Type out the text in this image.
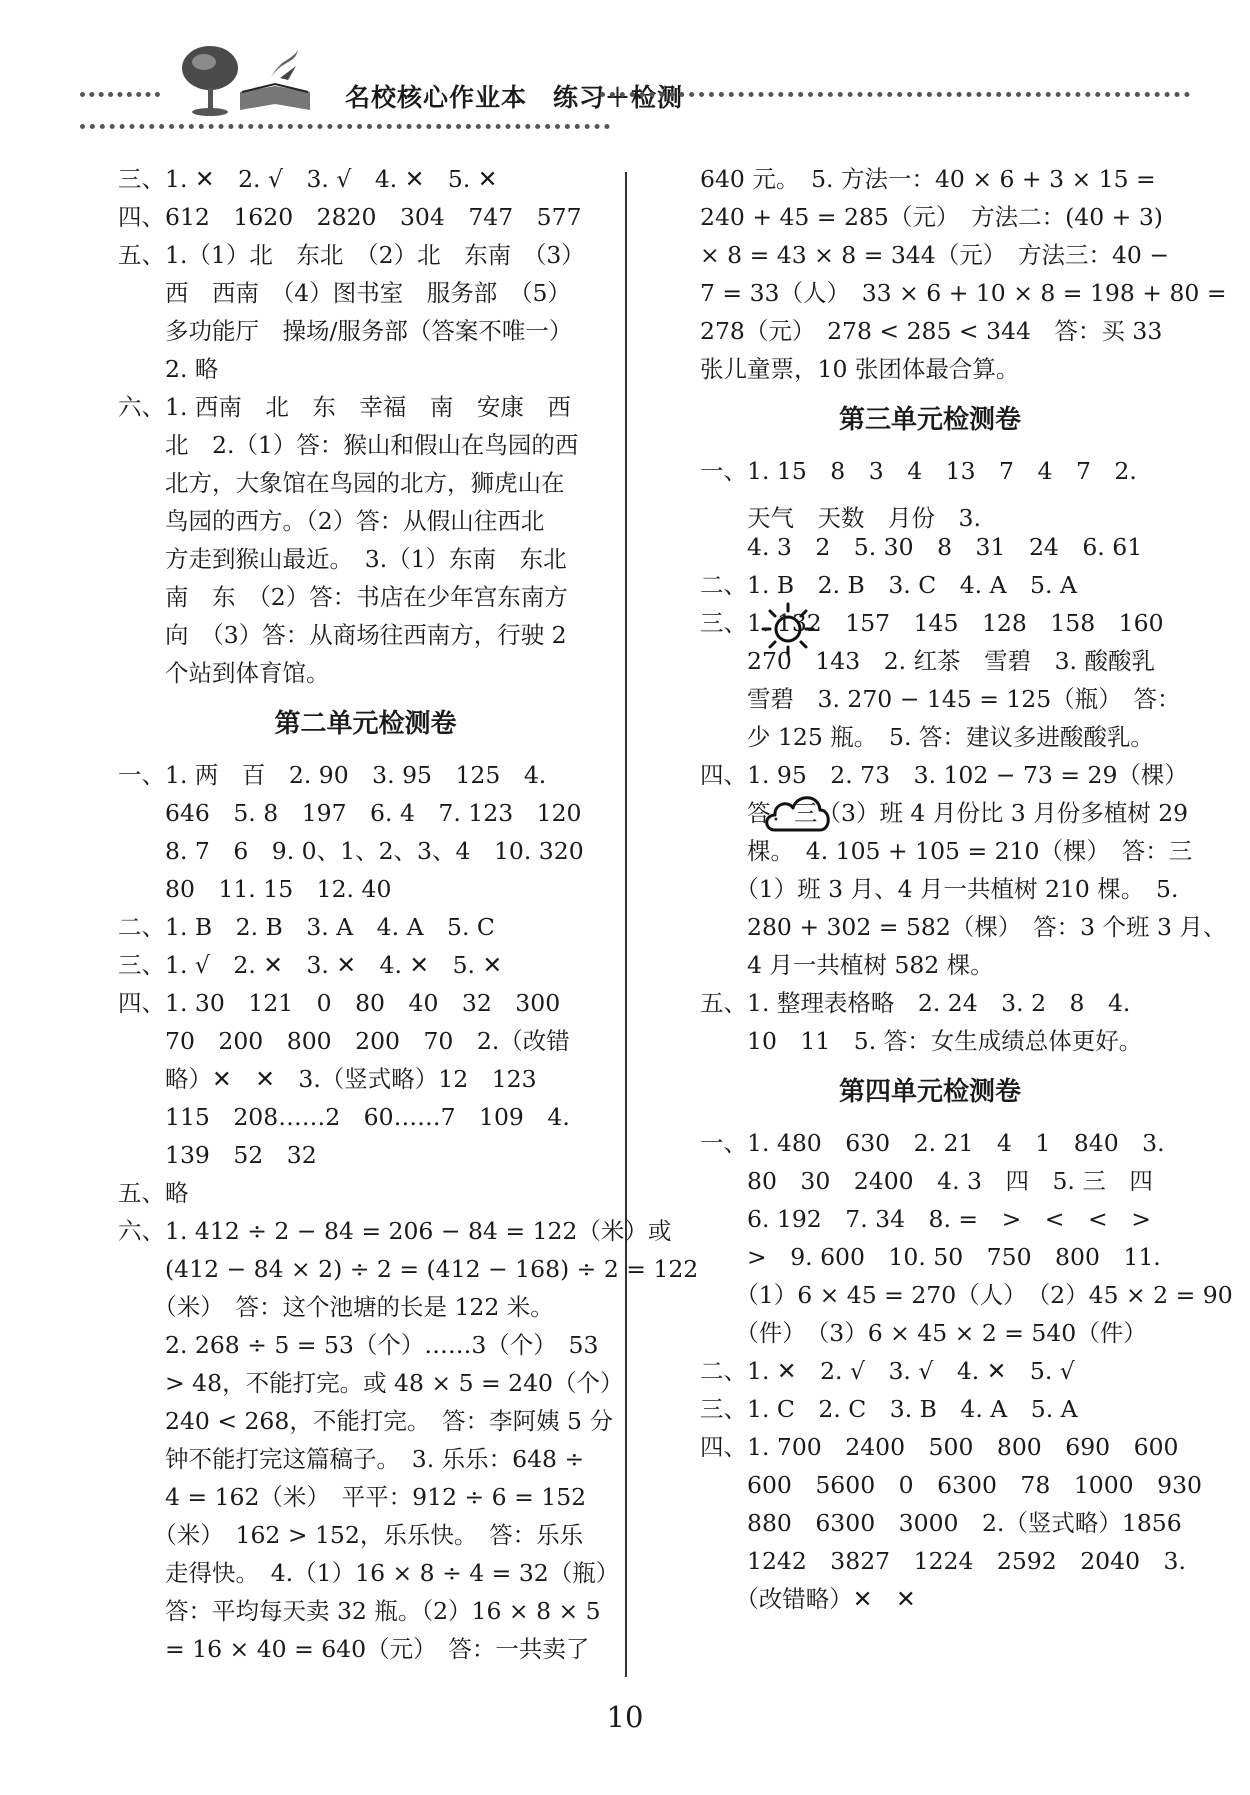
名校核心作业本　练习＋检测
三、1. ✕　2. √　3. √　4. ✕　5. ✕
四、612　1620　2820　304　747　577
五、1.（1）北　东北　（2）北　东南　（3）
　　西　西南　（4）图书室　服务部　（5）
　　多功能厅　操场/服务部（答案不唯一）
　　2. 略
六、1. 西南　北　东　幸福　南　安康　西
　　北　2.（1）答：猴山和假山在鸟园的西
　　北方，大象馆在鸟园的北方，狮虎山在
　　鸟园的西方。（2）答：从假山往西北
　　方走到猴山最近。　3.（1）东南　东北
　　南　东　（2）答：书店在少年宫东南方
　　向　（3）答：从商场往西南方，行驶 2
　　个站到体育馆。
第二单元检测卷
一、1. 两　百　2. 90　3. 95　125　4.
　　646　5. 8　197　6. 4　7. 123　120
　　8. 7　6　9. 0、1、2、3、4　10. 320
　　80　11. 15　12. 40
二、1. B　2. B　3. A　4. A　5. C
三、1. √　2. ✕　3. ✕　4. ✕　5. ✕
四、1. 30　121　0　80　40　32　300
　　70　200　800　200　70　2.（改错
　　略）✕　✕　3.（竖式略）12　123
　　115　208……2　60……7　109　4.
　　139　52　32
五、略
六、1. 412 ÷ 2 − 84 = 206 − 84 = 122（米）或
　　(412 − 84 × 2) ÷ 2 = (412 − 168) ÷ 2 = 122
　　（米）　答：这个池塘的长是 122 米。
　　2. 268 ÷ 5 = 53（个）……3（个）　53
　　> 48，不能打完。或 48 × 5 = 240（个）
　　240 < 268，不能打完。　答：李阿姨 5 分
　　钟不能打完这篇稿子。　3. 乐乐：648 ÷
　　4 = 162（米）　平平：912 ÷ 6 = 152
　　（米）　162 > 152，乐乐快。　答：乐乐
　　走得快。　4.（1）16 × 8 ÷ 4 = 32（瓶）
　　答：平均每天卖 32 瓶。（2）16 × 8 × 5
　　= 16 × 40 = 640（元）　答：一共卖了
640 元。　5. 方法一：40 × 6 + 3 × 15 =
240 + 45 = 285（元）　方法二：(40 + 3)
× 8 = 43 × 8 = 344（元）　方法三：40 −
7 = 33（人）　33 × 6 + 10 × 8 = 198 + 80 =
278（元）　278 < 285 < 344　答：买 33
张儿童票，10 张团体最合算。
第三单元检测卷
一、1. 15　8　3　4　13　7　4　7　2.
　　天气　天数　月份　3.

　　4. 3　2　5. 30　8　31　24　6. 61
二、1. B　2. B　3. C　4. A　5. A
三、1. 132　157　145　128　158　160
　　270　143　2. 红茶　雪碧　3. 酸酸乳
　　雪碧　3. 270 − 145 = 125（瓶）　答：
　　少 125 瓶。　5. 答：建议多进酸酸乳。
四、1. 95　2. 73　3. 102 − 73 = 29（棵）
　　答：三（3）班 4 月份比 3 月份多植树 29
　　棵。　4. 105 + 105 = 210（棵）　答：三
　　（1）班 3 月、4 月一共植树 210 棵。　5.
　　280 + 302 = 582（棵）　答：3 个班 3 月、
　　4 月一共植树 582 棵。
五、1. 整理表格略　2. 24　3. 2　8　4.
　　10　11　5. 答：女生成绩总体更好。
第四单元检测卷
一、1. 480　630　2. 21　4　1　840　3.
　　80　30　2400　4. 3　四　5. 三　四
　　6. 192　7. 34　8. =　>　<　<　>
　　>　9. 600　10. 50　750　800　11.
　　（1）6 × 45 = 270（人）　（2）45 × 2 = 90
　　（件）　（3）6 × 45 × 2 = 540（件）
二、1. ✕　2. √　3. √　4. ✕　5. √
三、1. C　2. C　3. B　4. A　5. A
四、1. 700　2400　500　800　690　600
　　600　5600　0　6300　78　1000　930
　　880　6300　3000　2.（竖式略）1856
　　1242　3827　1224　2592　2040　3.
　　（改错略）✕　✕
10
